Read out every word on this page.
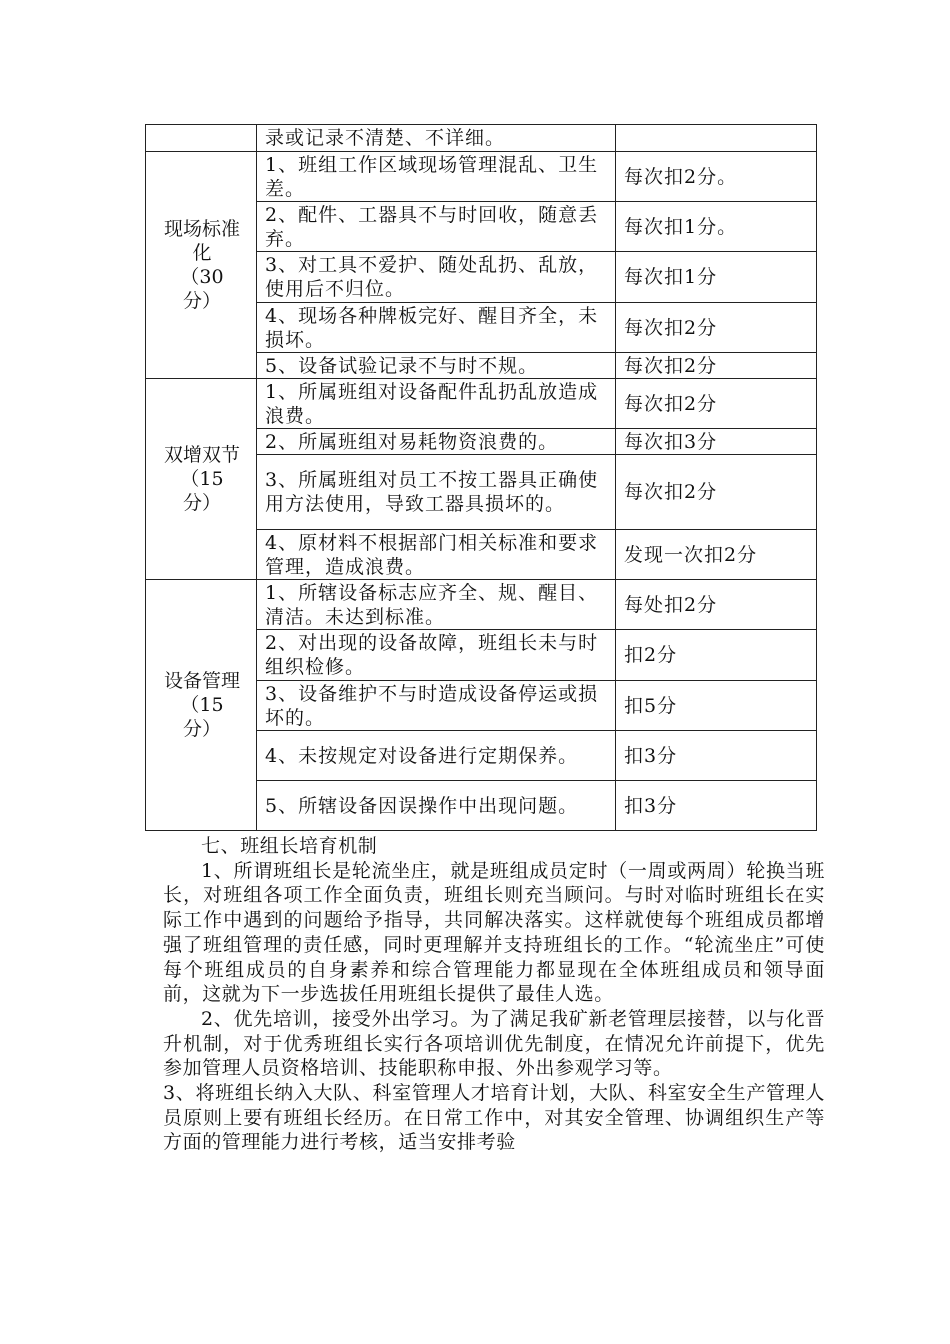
	录或记录不清楚、不详细。	

现场标准
化
（30
分）	1、班组工作区域现场管理混乱、卫生差。	每次扣2分。
	2、配件、工器具不与时回收，随意丢弃。	每次扣1分。
	3、对工具不爱护、随处乱扔、乱放，使用后不归位。	每次扣1分
	4、现场各种牌板完好、醒目齐全，未损坏。	每次扣2分
	5、设备试验记录不与时不规。	每次扣2分

双增双节
（15
分）	1、所属班组对设备配件乱扔乱放造成浪费。	每次扣2分
	2、所属班组对易耗物资浪费的。	每次扣3分
	3、所属班组对员工不按工器具正确使用方法使用，导致工器具损坏的。	每次扣2分
	4、原材料不根据部门相关标准和要求管理，造成浪费。	发现一次扣2分

设备管理
（15
分）	1、所辖设备标志应齐全、规、醒目、清洁。未达到标准。	每处扣2分
	2、对出现的设备故障，班组长未与时组织检修。	扣2分
	3、设备维护不与时造成设备停运或损坏的。	扣5分
	4、未按规定对设备进行定期保养。	扣3分
	5、所辖设备因误操作中出现问题。	扣3分

七、班组长培育机制

1、所谓班组长是轮流坐庄，就是班组成员定时（一周或两周）轮换当班长，对班组各项工作全面负责，班组长则充当顾问。与时对临时班组长在实际工作中遇到的问题给予指导，共同解决落实。这样就使每个班组成员都增强了班组管理的责任感，同时更理解并支持班组长的工作。“轮流坐庄”可使每个班组成员的自身素养和综合管理能力都显现在全体班组成员和领导面前，这就为下一步选拔任用班组长提供了最佳人选。

2、优先培训，接受外出学习。为了满足我矿新老管理层接替，以与化晋升机制，对于优秀班组长实行各项培训优先制度，在情况允许前提下，优先参加管理人员资格培训、技能职称申报、外出参观学习等。

3、将班组长纳入大队、科室管理人才培育计划，大队、科室安全生产管理人员原则上要有班组长经历。在日常工作中，对其安全管理、协调组织生产等方面的管理能力进行考核，适当安排考验
